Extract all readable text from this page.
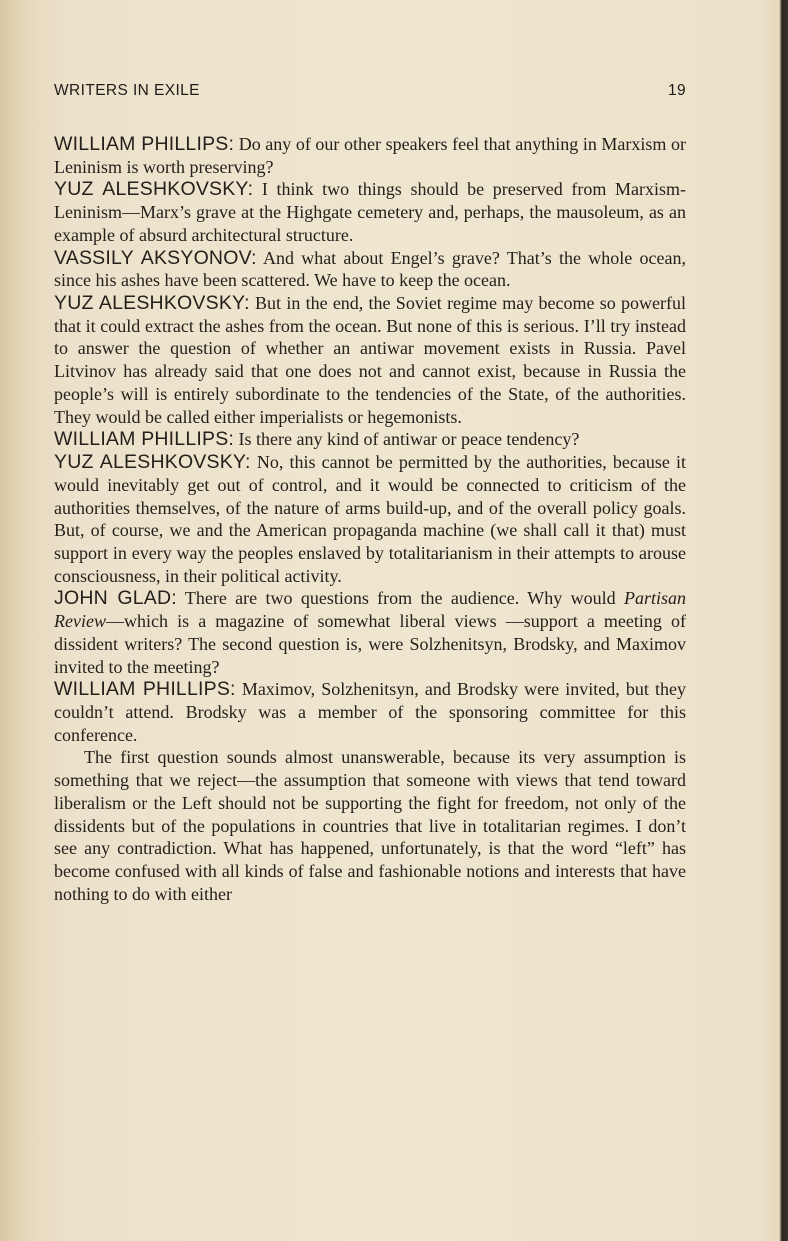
WRITERS IN EXILE	19

WILLIAM PHILLIPS: Do any of our other speakers feel that anything in Marxism or Leninism is worth preserving?

YUZ ALESHKOVSKY: I think two things should be preserved from Marxism-Leninism—Marx’s grave at the Highgate cemetery and, perhaps, the mausoleum, as an example of absurd architectural structure.

VASSILY AKSYONOV: And what about Engel’s grave? That’s the whole ocean, since his ashes have been scattered. We have to keep the ocean.

YUZ ALESHKOVSKY: But in the end, the Soviet regime may become so powerful that it could extract the ashes from the ocean. But none of this is serious. I’ll try instead to answer the question of whether an antiwar movement exists in Russia. Pavel Litvinov has already said that one does not and cannot exist, because in Russia the people’s will is entirely subordinate to the tendencies of the State, of the authorities. They would be called either imperialists or hegemonists.

WILLIAM PHILLIPS: Is there any kind of antiwar or peace tendency?

YUZ ALESHKOVSKY: No, this cannot be permitted by the authorities, because it would inevitably get out of control, and it would be connected to criticism of the authorities themselves, of the nature of arms build-up, and of the overall policy goals. But, of course, we and the American propaganda machine (we shall call it that) must support in every way the peoples enslaved by totalitarianism in their attempts to arouse consciousness, in their political activity.

JOHN GLAD: There are two questions from the audience. Why would Partisan Review—which is a magazine of somewhat liberal views —support a meeting of dissident writers? The second question is, were Solzhenitsyn, Brodsky, and Maximov invited to the meeting?

WILLIAM PHILLIPS: Maximov, Solzhenitsyn, and Brodsky were invited, but they couldn’t attend. Brodsky was a member of the sponsoring committee for this conference.

The first question sounds almost unanswerable, because its very assumption is something that we reject—the assumption that someone with views that tend toward liberalism or the Left should not be supporting the fight for freedom, not only of the dissidents but of the populations in countries that live in totalitarian regimes. I don’t see any contradiction. What has happened, unfortunately, is that the word “left” has become confused with all kinds of false and fashionable notions and interests that have nothing to do with either
